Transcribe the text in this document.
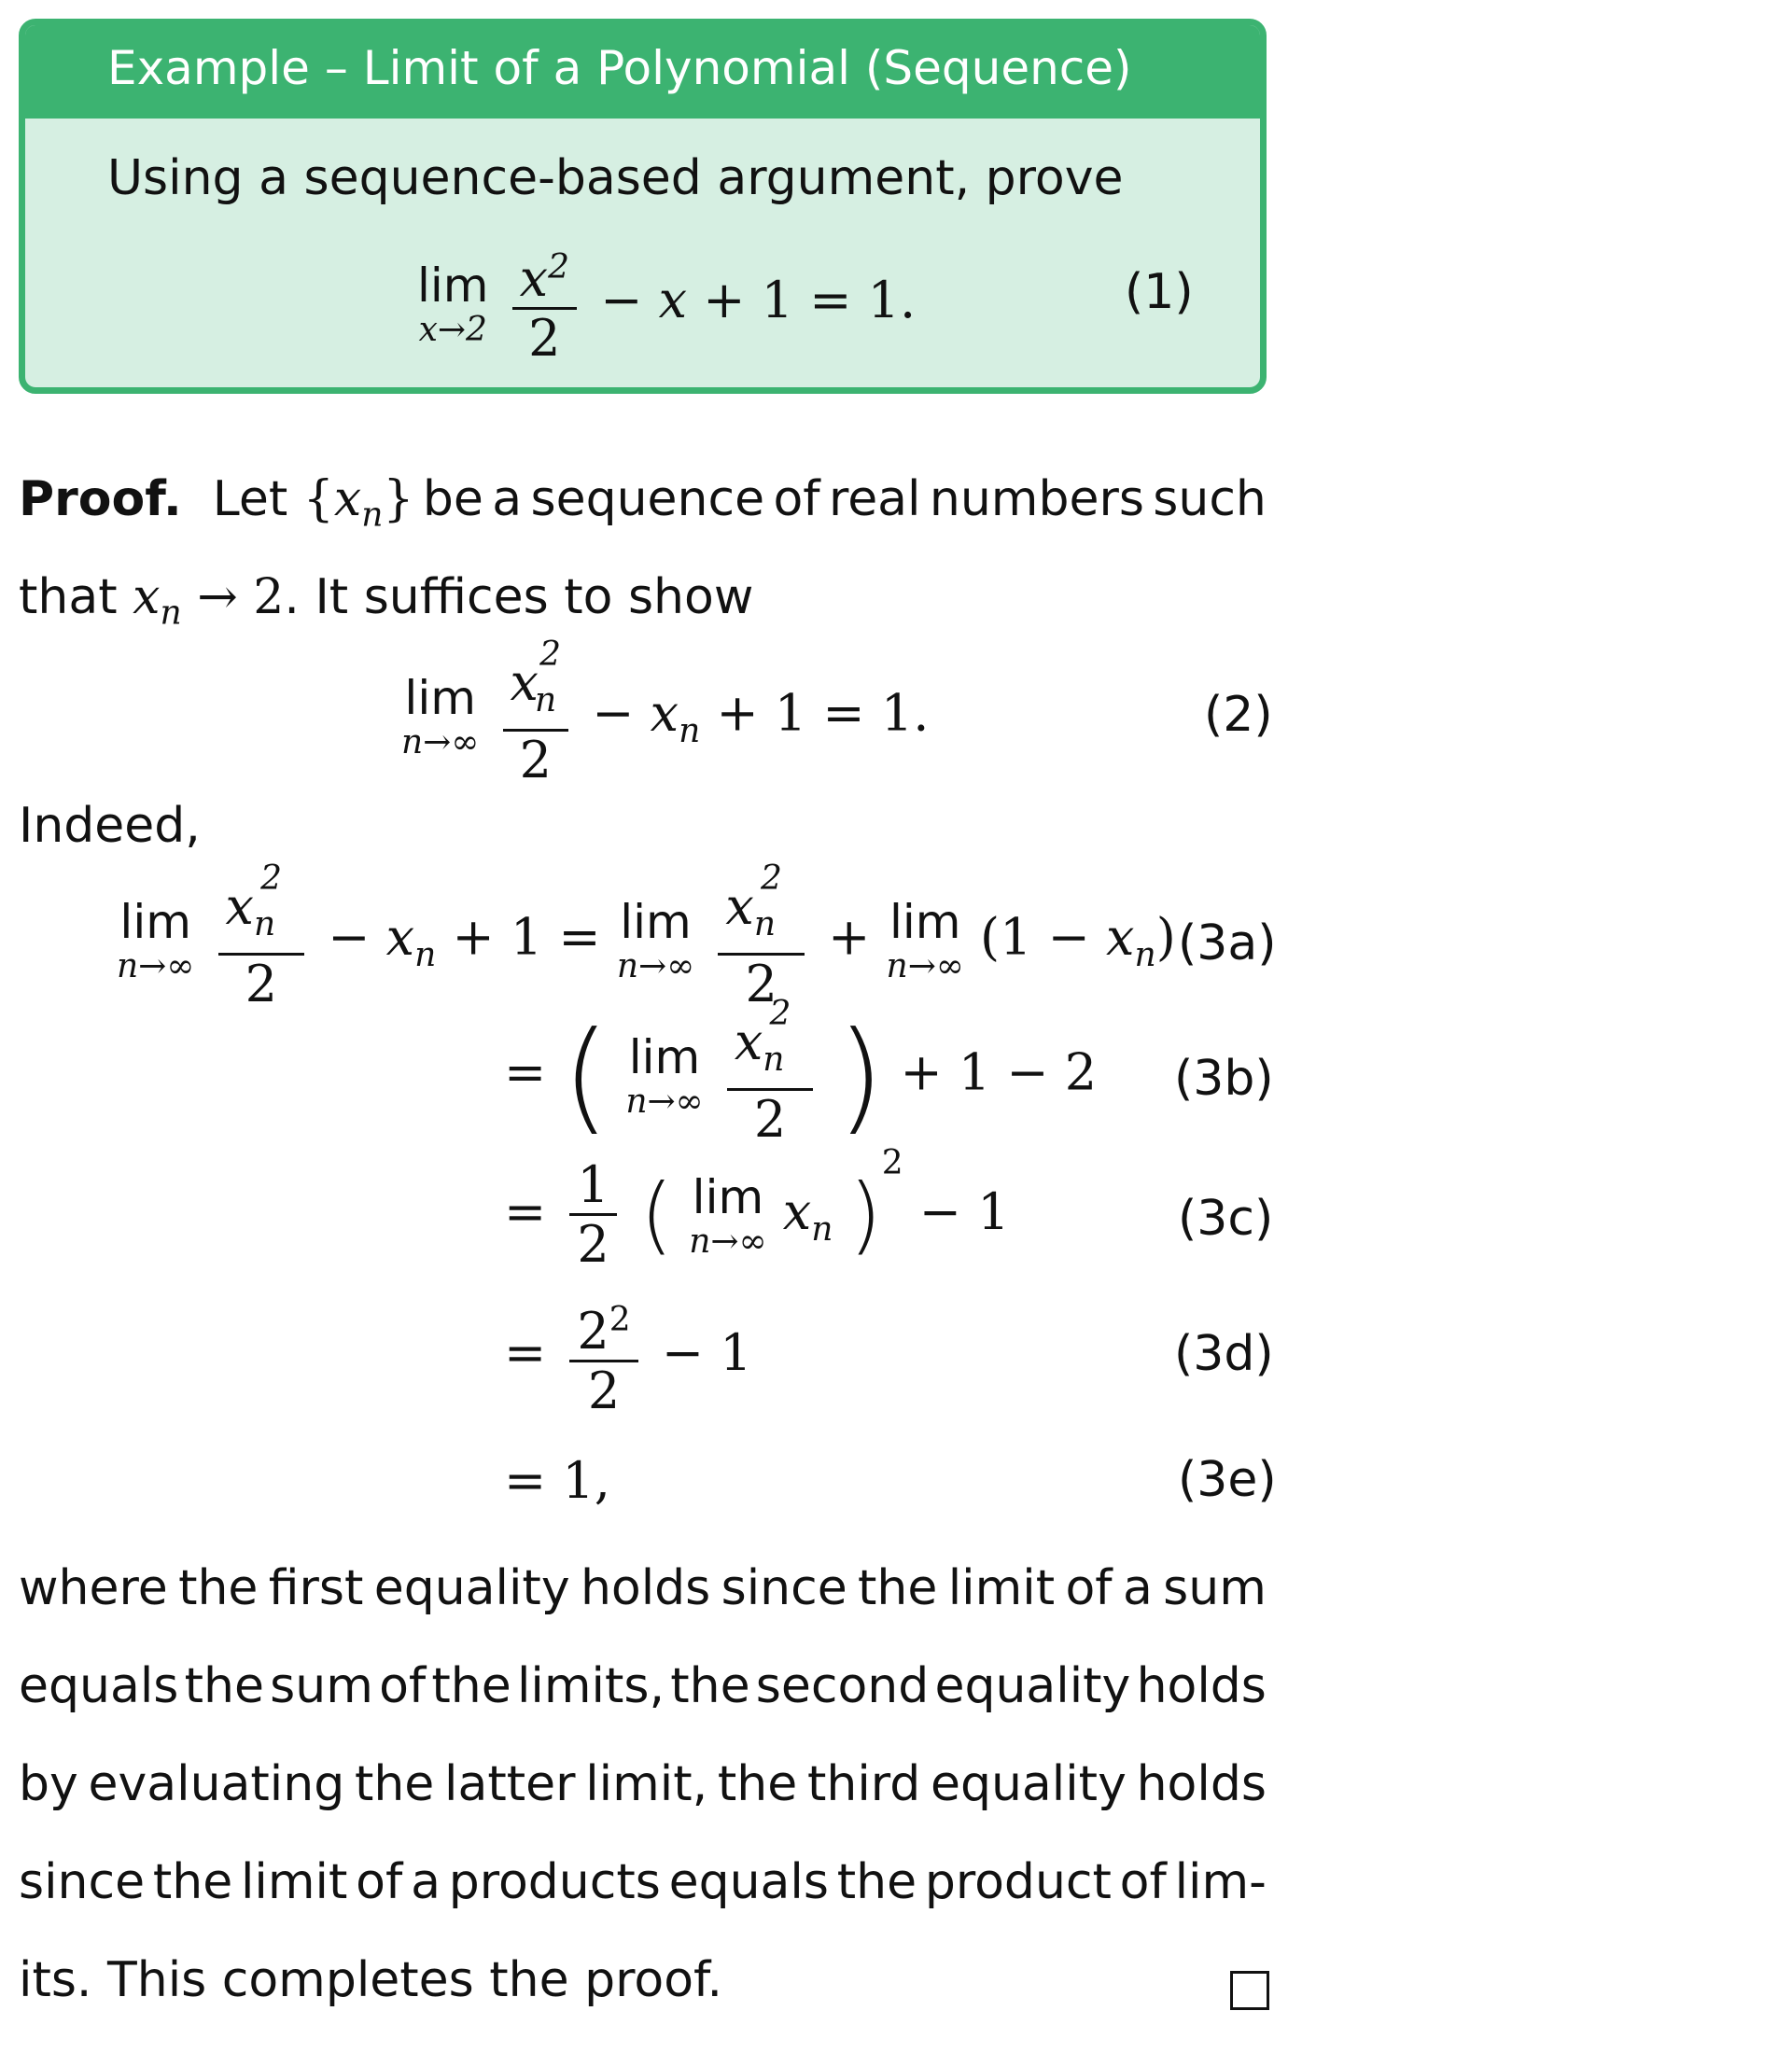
Example – Limit of a Polynomial (Sequence)
Using a sequence-based argument, prove
lim
x→2
$\frac{x^2}{2} - x + 1 = 1$.	(1)
Proof.  Let $\{x_n\}$ be a sequence of real numbers such
that $x_n \to 2$. It suffices to show
lim
n→∞
$\frac{x_n^2}{2} - x_n + 1 = 1$.	(2)
Indeed,
lim
n→∞
$\frac{x_n^2}{2} - x_n + 1 = \lim$
n→∞
$\frac{x_n^2}{2} + \lim$
n→∞ $(1 - x_n)$ (3a)
= ( lim
n→∞
$\frac{x_n^2}{2}$ ) + 1 − 2 (3b)
= $\frac{1}{2}$ ( lim
n→∞ $x_n$ )$^2$ − 1	(3c)
= $\frac{2^2}{2} - 1$	(3d)
= 1,	(3e)
where the first equality holds since the limit of a sum
equals the sum of the limits, the second equality holds
by evaluating the latter limit, the third equality holds
since the limit of a products equals the product of lim-
its. This completes the proof.
